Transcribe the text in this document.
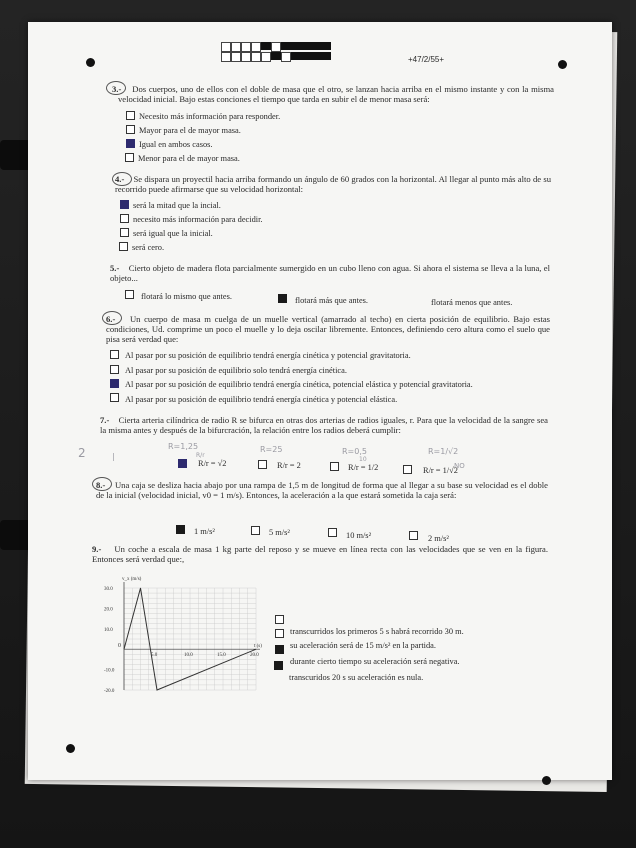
+47/2/55+
3.- Dos cuerpos, uno de ellos con el doble de masa que el otro, se lanzan hacia arriba en el mismo instante y con la misma velocidad inicial. Bajo estas conciones el tiempo que tarda en subir el de menor masa será:
Necesito más información para responder.
Mayor para el de mayor masa.
Igual en ambos casos.
Menor para el de mayor masa.
4.- Se dispara un proyectil hacia arriba formando un ángulo de 60 grados con la horizontal. Al llegar al punto más alto de su recorrido puede afirmarse que su velocidad horizontal:
será la mitad que la incial.
necesito más información para decidir.
será igual que la inicial.
será cero.
5.- Cierto objeto de madera flota parcialmente sumergido en un cubo lleno con agua. Si ahora el sistema se lleva a la luna, el objeto...
flotará lo mismo que antes.	flotará más que antes.	flotará menos que antes.
6.- Un cuerpo de masa m cuelga de un muelle vertical (amarrado al techo) en cierta posición de equilibrio. Bajo estas condiciones, Ud. comprime un poco el muelle y lo deja oscilar libremente. Entonces, definiendo cero altura como el suelo que pisa será verdad que:
Al pasar por su posición de equilibrio tendrá energía cinética y potencial gravitatoria.
Al pasar por su posición de equilibrio solo tendrá energía cinética.
Al pasar por su posición de equilibrio tendrá energía cinética, potencial elástica y potencial gravitatoria.
Al pasar por su posición de equilibrio tendrá energía cinética y potencial elástica.
7.- Cierta arteria cilíndrica de radio R se bifurca en otras dos arterias de radios iguales, r. Para que la velocidad de la sangre sea la misma antes y después de la bifurcración, la relación entre los radios deberá cumplir:
2	|
R=1,25	R=25	R=0,5	R=1/√2
R/r
10
NO
R/r = √2	R/r = 2	R/r = 1/2	R/r = 1/√2
8.- Una caja se desliza hacia abajo por una rampa de 1,5 m de longitud de forma que al llegar a su base su velocidad es el doble de la inicial (velocidad inicial, v0 = 1 m/s). Entonces, la aceleración a la que estará sometida la caja será:
1 m/s²	5 m/s²	10 m/s²	2 m/s²
9.- Un coche a escala de masa 1 kg parte del reposo y se mueve en línea recta con las velocidades que se ven en la figura. Entonces será verdad que:,
5.0	10.0	15.0	20.0
30.0
20.0
10.0
-10.0
-20.0
v_x (m/s)
t (s)
0
transcurridos los primeros 5 s habrá recorrido 30 m.
su aceleración será de 15 m/s² en la partida.
durante cierto tiempo su aceleración será negativa.
transcuridos 20 s su aceleración es nula.
